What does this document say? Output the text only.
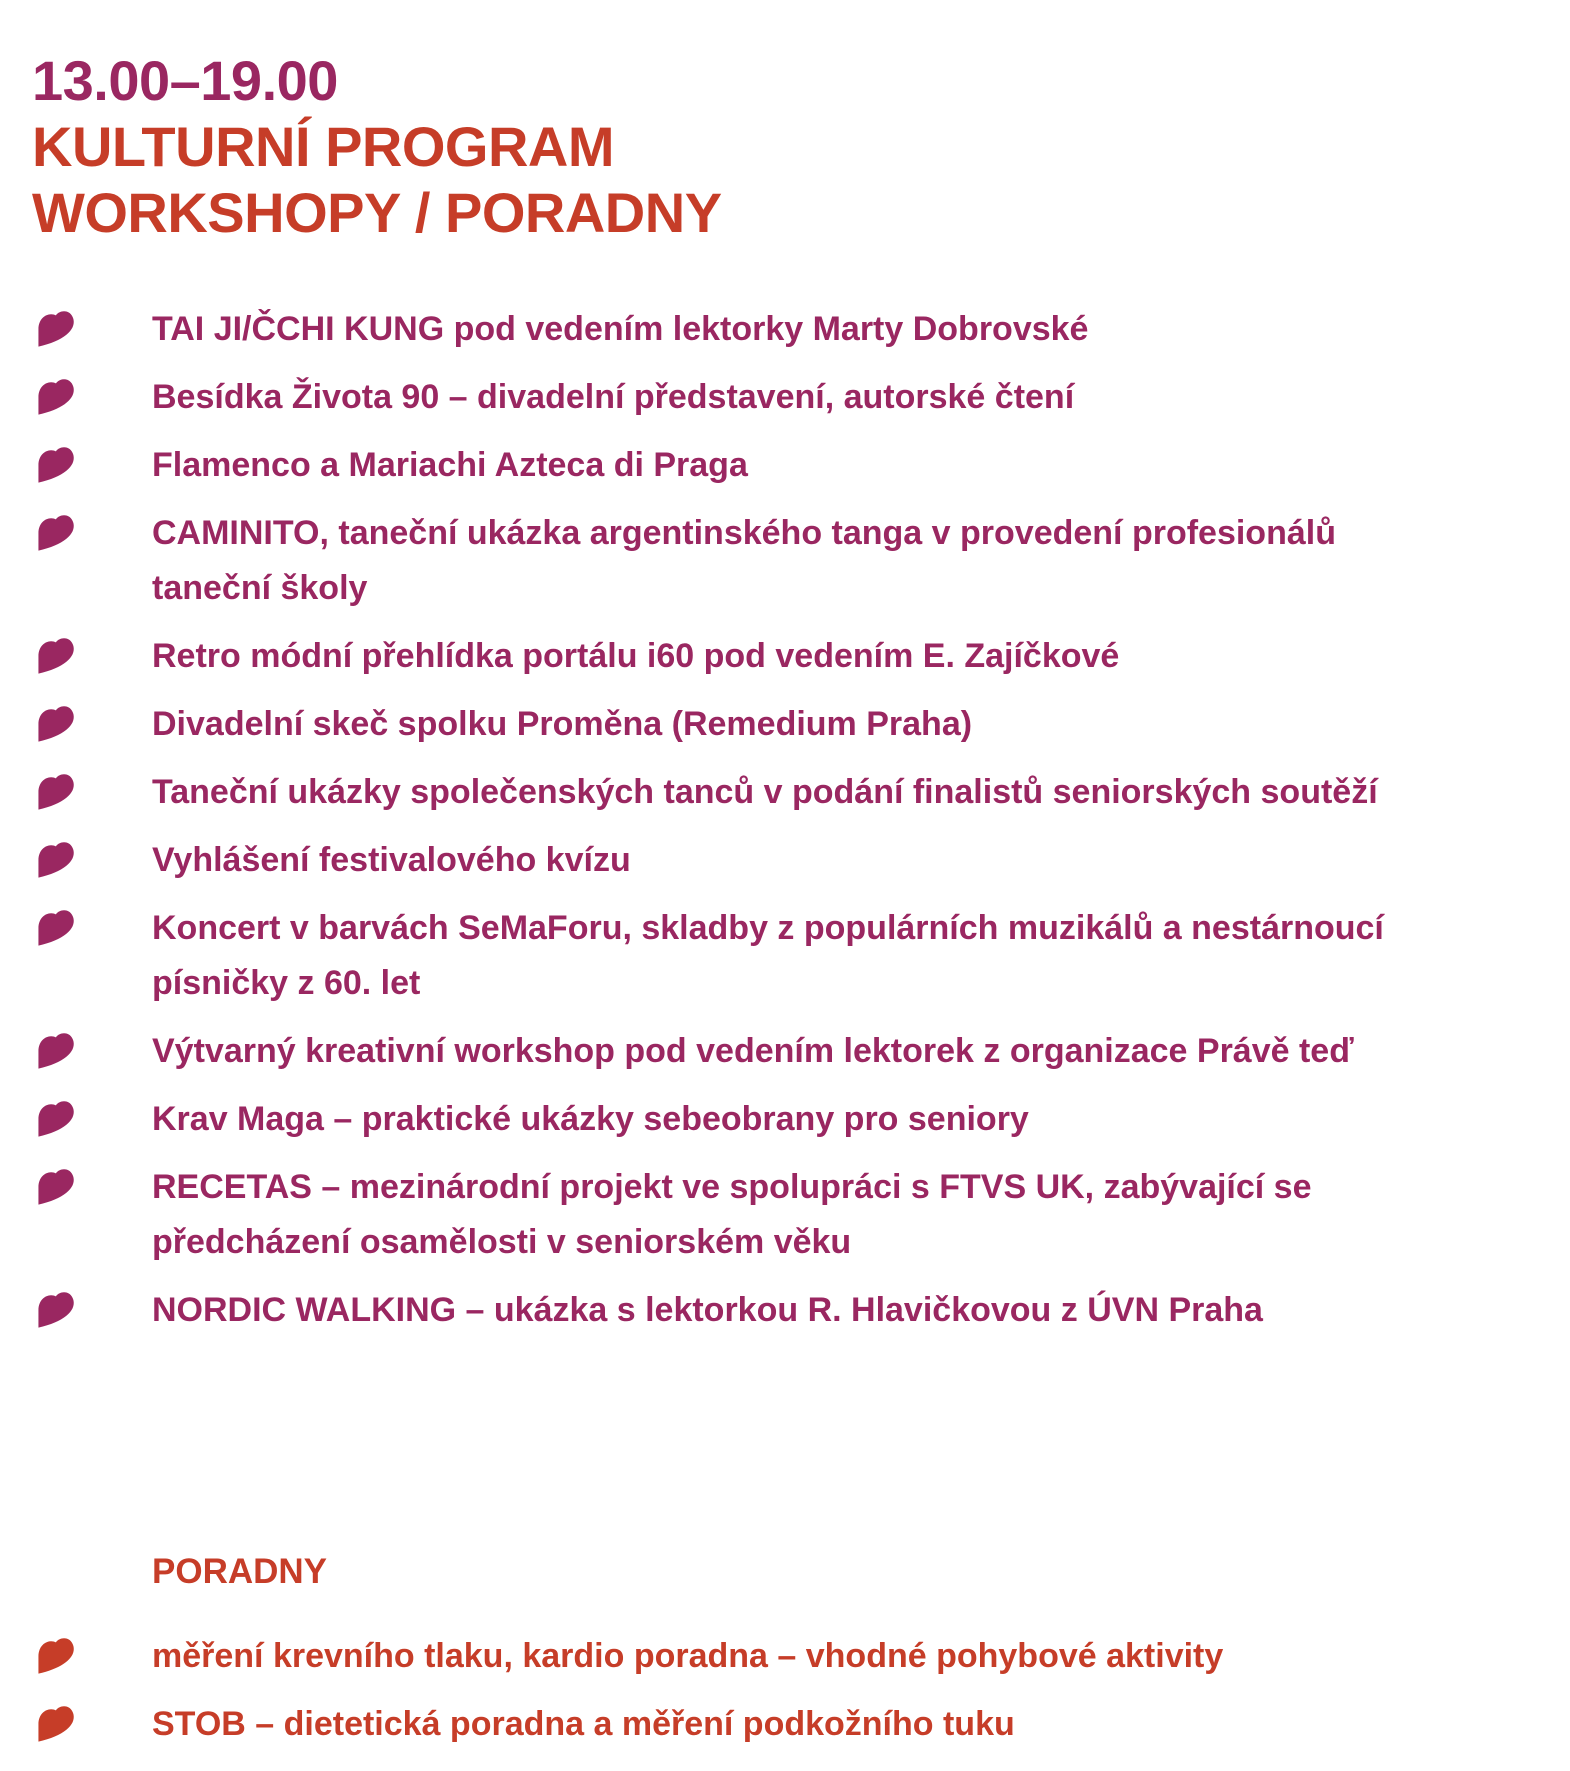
13.00–19.00
KULTURNÍ PROGRAM
WORKSHOPY / PORADNY
TAI JI/ČCHI KUNG pod vedením lektorky Marty Dobrovské
Besídka Života 90 – divadelní představení, autorské čtení
Flamenco a Mariachi Azteca di Praga
CAMINITO, taneční ukázka argentinského tanga v provedení profesionálů
taneční školy
Retro módní přehlídka portálu i60 pod vedením E. Zajíčkové
Divadelní skeč spolku Proměna (Remedium Praha)
Taneční ukázky společenských tanců v podání finalistů seniorských soutěží
Vyhlášení festivalového kvízu
Koncert v barvách SeMaForu, skladby z populárních muzikálů a nestárnoucí
písničky z 60. let
Výtvarný kreativní workshop pod vedením lektorek z organizace Právě teď
Krav Maga – praktické ukázky sebeobrany pro seniory
RECETAS – mezinárodní projekt ve spolupráci s FTVS UK, zabývající se
předcházení osamělosti v seniorském věku
NORDIC WALKING – ukázka s lektorkou R. Hlavičkovou z ÚVN Praha
PORADNY
měření krevního tlaku, kardio poradna – vhodné pohybové aktivity
STOB – dietetická poradna a měření podkožního tuku
